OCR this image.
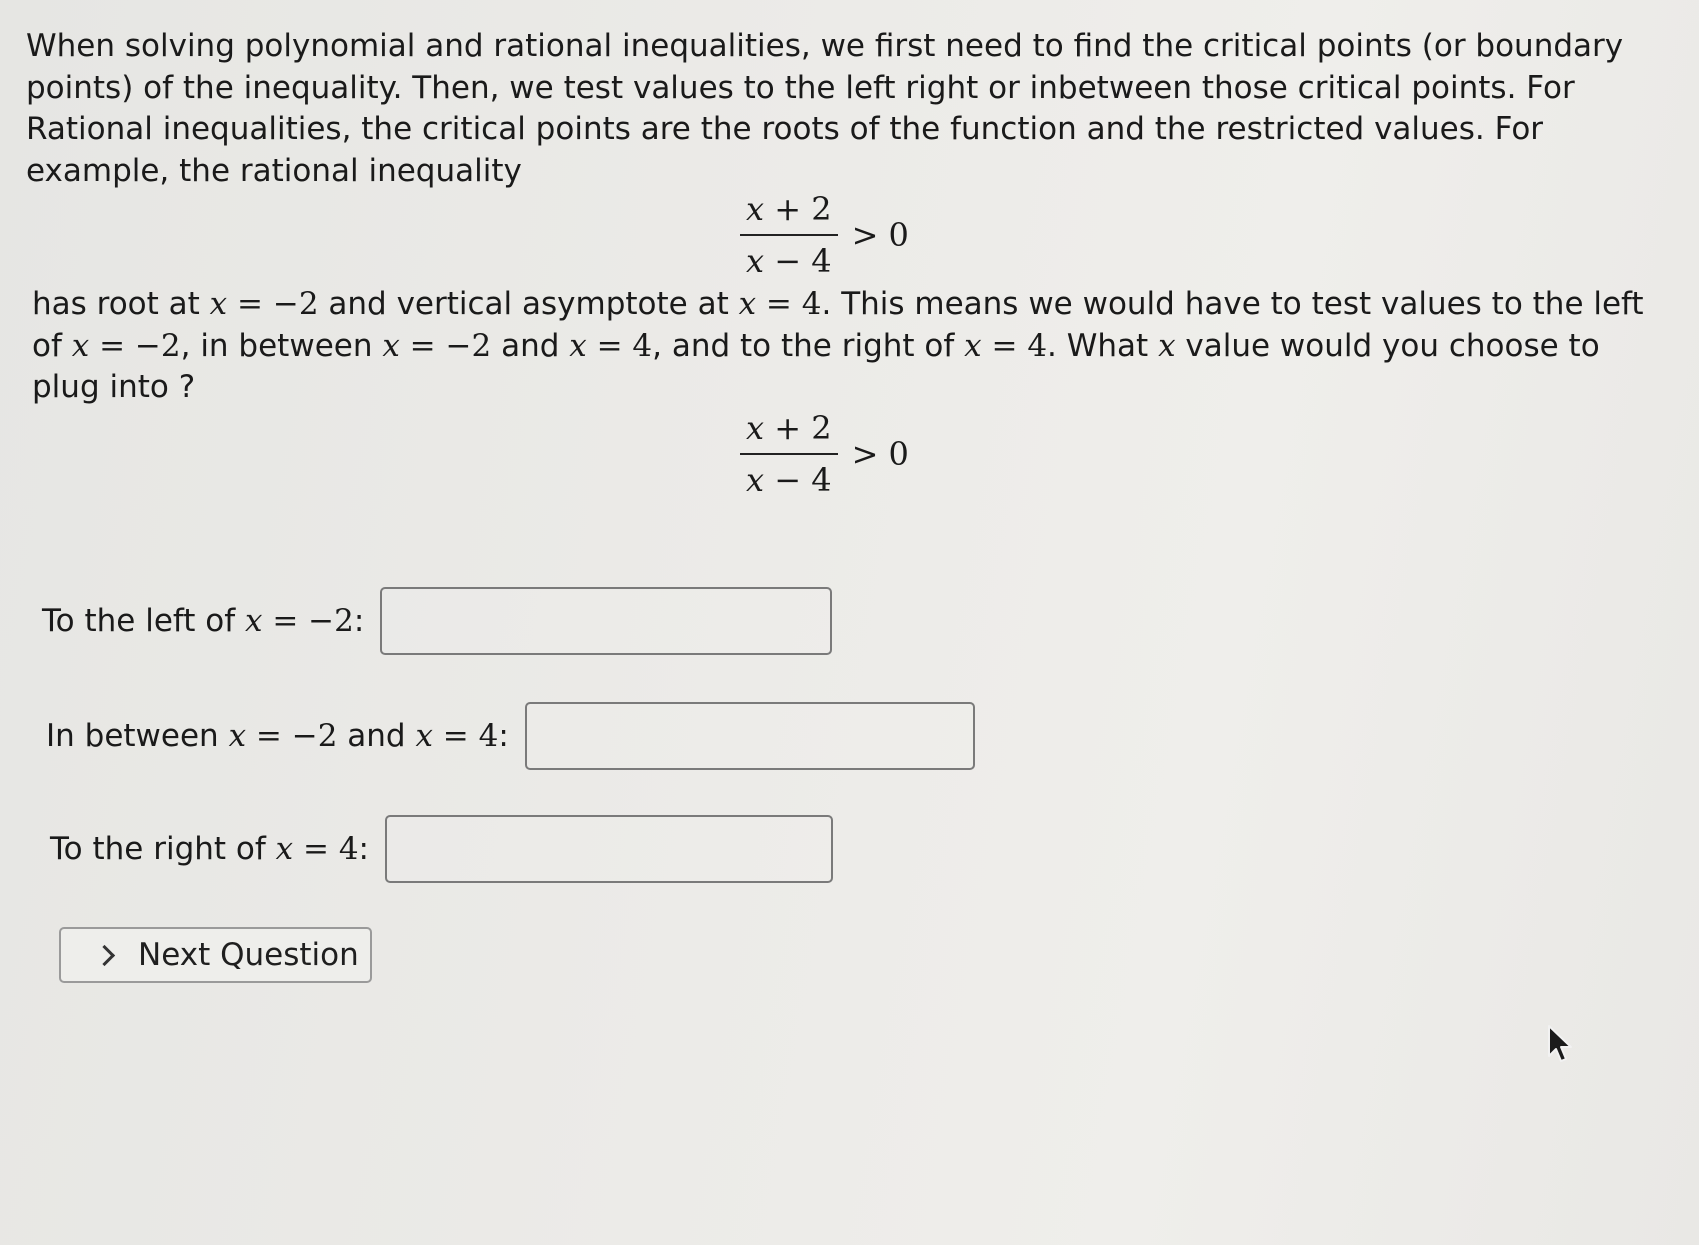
When solving polynomial and rational inequalities, we first need to find the critical points (or boundary points) of the inequality. Then, we test values to the left right or inbetween those critical points. For Rational inequalities, the critical points are the roots of the function and the restricted values. For example, the rational inequality

$\frac{x + 2}{x - 4} > 0$

has root at x = −2 and vertical asymptote at x = 4. This means we would have to test values to the left of x = −2, in between x = −2 and x = 4, and to the right of x = 4. What x value would you choose to plug into ?

$\frac{x + 2}{x - 4} > 0$
To the left of x = −2:
In between x = −2 and x = 4:
To the right of x = 4:
Next Question
